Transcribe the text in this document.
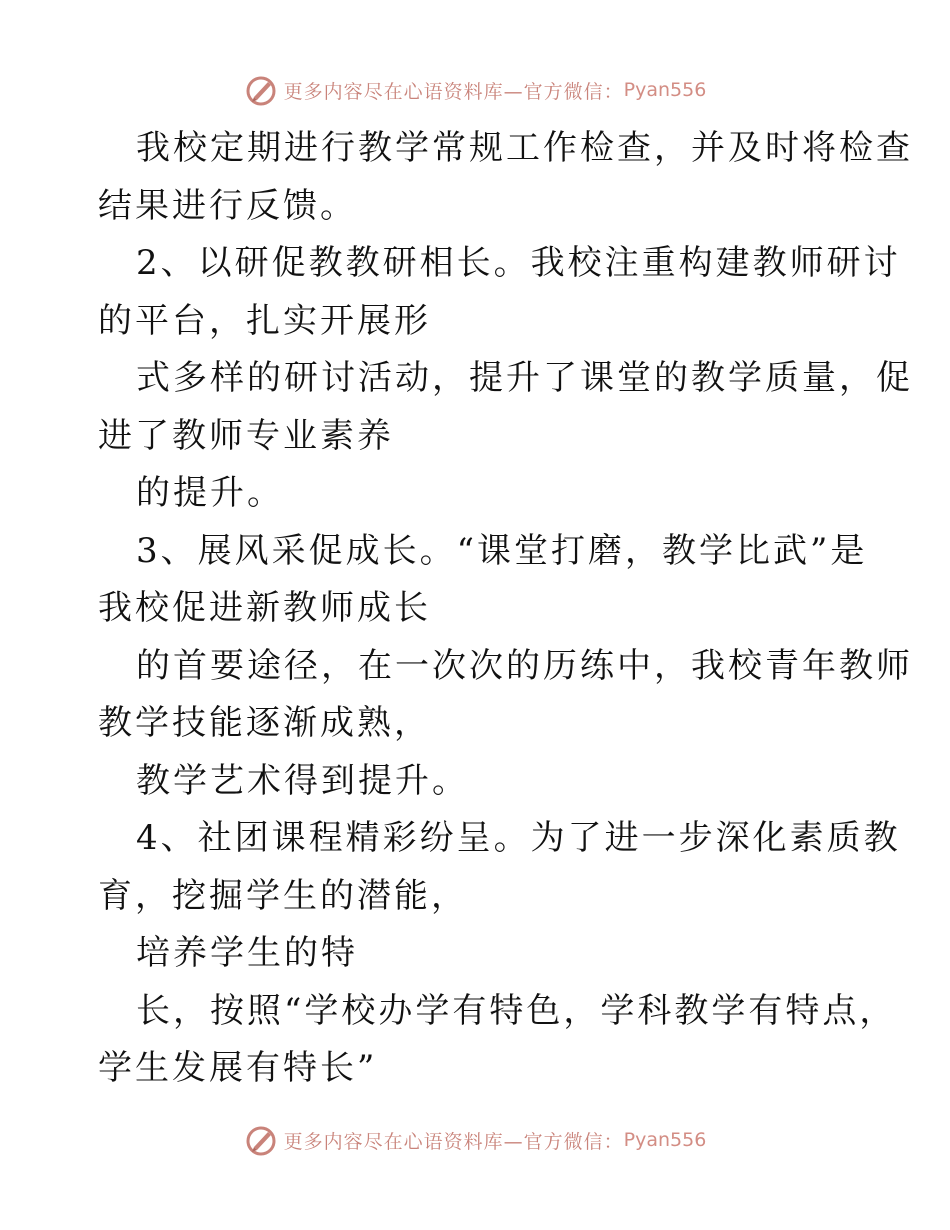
更多内容尽在心语资料库—官方微信： Pyan556
我校定期进行教学常规工作检查，并及时将检查
结果进行反馈。
2、以研促教教研相长。我校注重构建教师研讨
的平台，扎实开展形
式多样的研讨活动，提升了课堂的教学质量，促
进了教师专业素养
的提升。
3、展风采促成长。“课堂打磨，教学比武”是
我校促进新教师成长
的首要途径，在一次次的历练中，我校青年教师
教学技能逐渐成熟，
教学艺术得到提升。
4、社团课程精彩纷呈。为了进一步深化素质教
育，挖掘学生的潜能，
培养学生的特
长，按照“学校办学有特色，学科教学有特点，
学生发展有特长”
更多内容尽在心语资料库—官方微信： Pyan556
